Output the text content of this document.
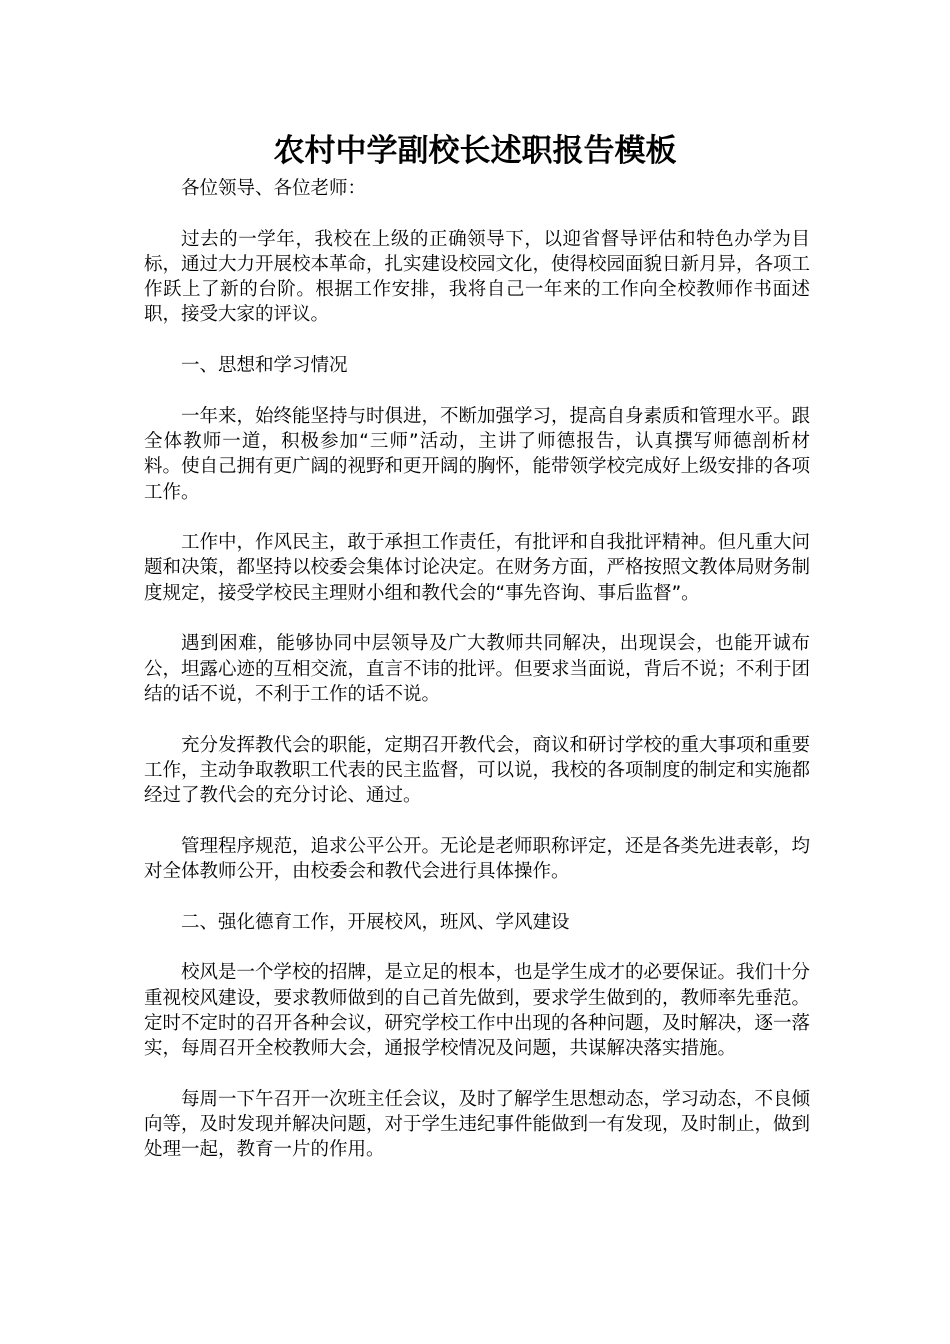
农村中学副校长述职报告模板

各位领导、各位老师：

过去的一学年，我校在上级的正确领导下，以迎省督导评估和特色办学为目标，通过大力开展校本革命，扎实建设校园文化，使得校园面貌日新月异，各项工作跃上了新的台阶。根据工作安排，我将自己一年来的工作向全校教师作书面述职，接受大家的评议。

一、思想和学习情况

一年来，始终能坚持与时俱进，不断加强学习，提高自身素质和管理水平。跟全体教师一道，积极参加“三师”活动，主讲了师德报告，认真撰写师德剖析材料。使自己拥有更广阔的视野和更开阔的胸怀，能带领学校完成好上级安排的各项工作。

工作中，作风民主，敢于承担工作责任，有批评和自我批评精神。但凡重大问题和决策，都坚持以校委会集体讨论决定。在财务方面，严格按照文教体局财务制度规定，接受学校民主理财小组和教代会的“事先咨询、事后监督”。

遇到困难，能够协同中层领导及广大教师共同解决，出现误会，也能开诚布公，坦露心迹的互相交流，直言不讳的批评。但要求当面说，背后不说；不利于团结的话不说，不利于工作的话不说。

充分发挥教代会的职能，定期召开教代会，商议和研讨学校的重大事项和重要工作，主动争取教职工代表的民主监督，可以说，我校的各项制度的制定和实施都经过了教代会的充分讨论、通过。

管理程序规范，追求公平公开。无论是老师职称评定，还是各类先进表彰，均对全体教师公开，由校委会和教代会进行具体操作。

二、强化德育工作，开展校风，班风、学风建设

校风是一个学校的招牌，是立足的根本，也是学生成才的必要保证。我们十分重视校风建设，要求教师做到的自己首先做到，要求学生做到的，教师率先垂范。定时不定时的召开各种会议，研究学校工作中出现的各种问题，及时解决，逐一落实，每周召开全校教师大会，通报学校情况及问题，共谋解决落实措施。

每周一下午召开一次班主任会议，及时了解学生思想动态，学习动态，不良倾向等，及时发现并解决问题，对于学生违纪事件能做到一有发现，及时制止，做到处理一起，教育一片的作用。
